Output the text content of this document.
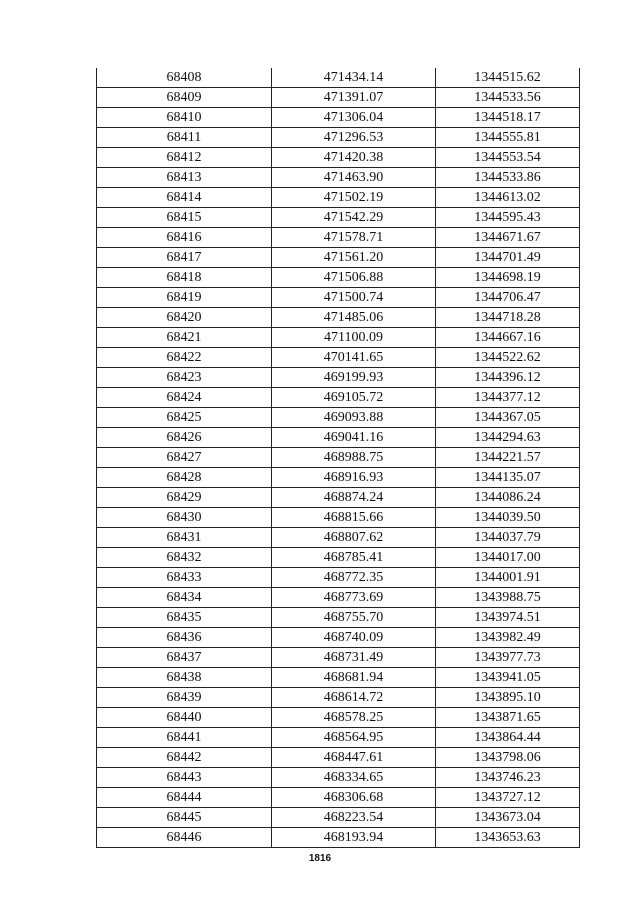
68408	471434.14	1344515.62
68409	471391.07	1344533.56
68410	471306.04	1344518.17
68411	471296.53	1344555.81
68412	471420.38	1344553.54
68413	471463.90	1344533.86
68414	471502.19	1344613.02
68415	471542.29	1344595.43
68416	471578.71	1344671.67
68417	471561.20	1344701.49
68418	471506.88	1344698.19
68419	471500.74	1344706.47
68420	471485.06	1344718.28
68421	471100.09	1344667.16
68422	470141.65	1344522.62
68423	469199.93	1344396.12
68424	469105.72	1344377.12
68425	469093.88	1344367.05
68426	469041.16	1344294.63
68427	468988.75	1344221.57
68428	468916.93	1344135.07
68429	468874.24	1344086.24
68430	468815.66	1344039.50
68431	468807.62	1344037.79
68432	468785.41	1344017.00
68433	468772.35	1344001.91
68434	468773.69	1343988.75
68435	468755.70	1343974.51
68436	468740.09	1343982.49
68437	468731.49	1343977.73
68438	468681.94	1343941.05
68439	468614.72	1343895.10
68440	468578.25	1343871.65
68441	468564.95	1343864.44
68442	468447.61	1343798.06
68443	468334.65	1343746.23
68444	468306.68	1343727.12
68445	468223.54	1343673.04
68446	468193.94	1343653.63
1816
